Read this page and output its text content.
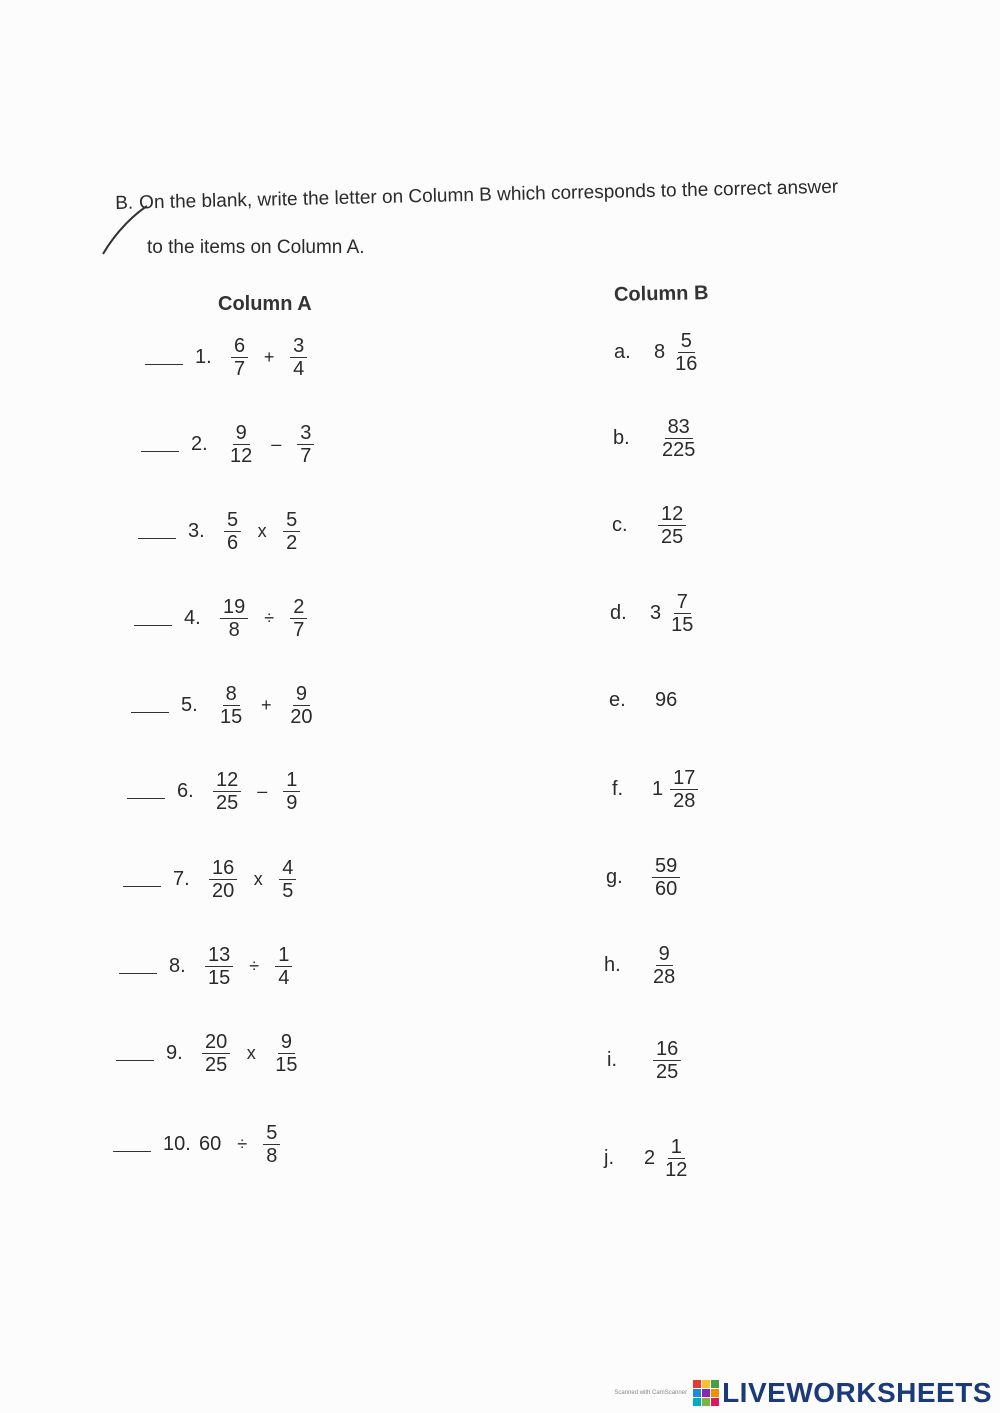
B. On the blank, write the letter on Column B which corresponds to the correct answer
to the items on Column A.
Column A	Column B
1. $\frac{6}{7} + \frac{3}{4}$
2. $\frac{9}{12} - \frac{3}{7}$
3. $\frac{5}{6}$ x $\frac{5}{2}$
4. $\frac{19}{8} \div \frac{2}{7}$
5. $\frac{8}{15} + \frac{9}{20}$
6. $\frac{12}{25} - \frac{1}{9}$
7. $\frac{16}{20}$ x $\frac{4}{5}$
8. $\frac{13}{15} \div \frac{1}{4}$
9. $\frac{20}{25}$ x $\frac{9}{15}$
10. $60 \div \frac{5}{8}$
a.	$8 \frac{5}{16}$
b.	$\frac{83}{225}$
c.	$\frac{12}{25}$
d.	$3 \frac{7}{15}$
e.	96
f.	$1 \frac{17}{28}$
g.	$\frac{59}{60}$
h.	$\frac{9}{28}$
i.	$\frac{16}{25}$
j.	$2 \frac{1}{12}$
Scanned with CamScanner LIVEWORKSHEETS
